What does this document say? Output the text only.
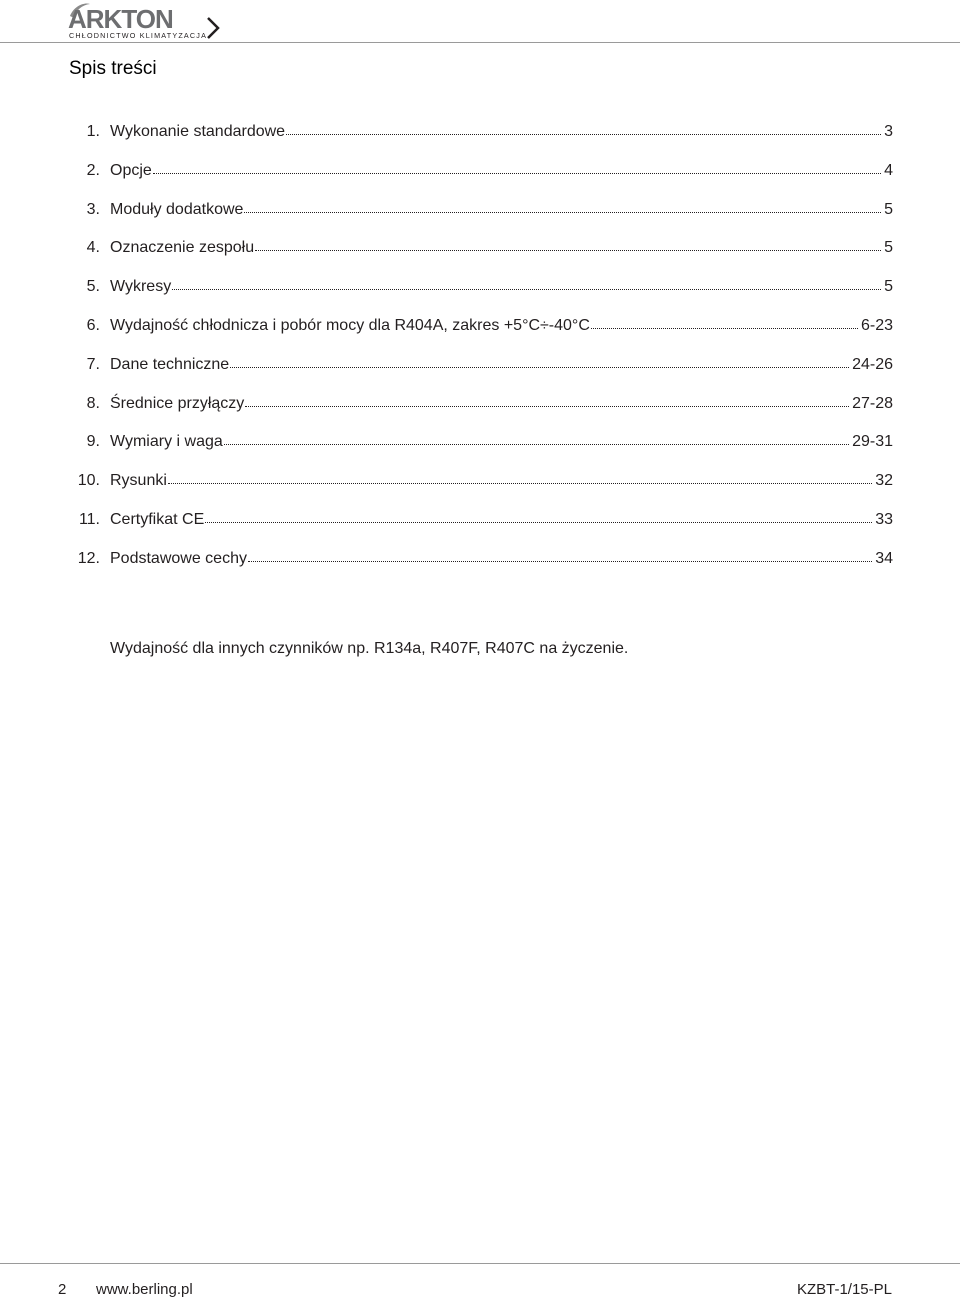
ARKTON
CHŁODNICTWO KLIMATYZACJA
Spis treści
1. Wykonanie standardowe	3
2. Opcje	4
3. Moduły dodatkowe	5
4. Oznaczenie zespołu	5
5. Wykresy	5
6. Wydajność chłodnicza i pobór mocy dla R404A, zakres +5°C÷-40°C	6-23
7. Dane techniczne	24-26
8. Średnice przyłączy	27-28
9. Wymiary i waga	29-31
10. Rysunki	32
11. Certyfikat CE	33
12. Podstawowe cechy	34
Wydajność dla innych czynników np. R134a, R407F, R407C na życzenie.
2 www.berling.pl	KZBT-1/15-PL
